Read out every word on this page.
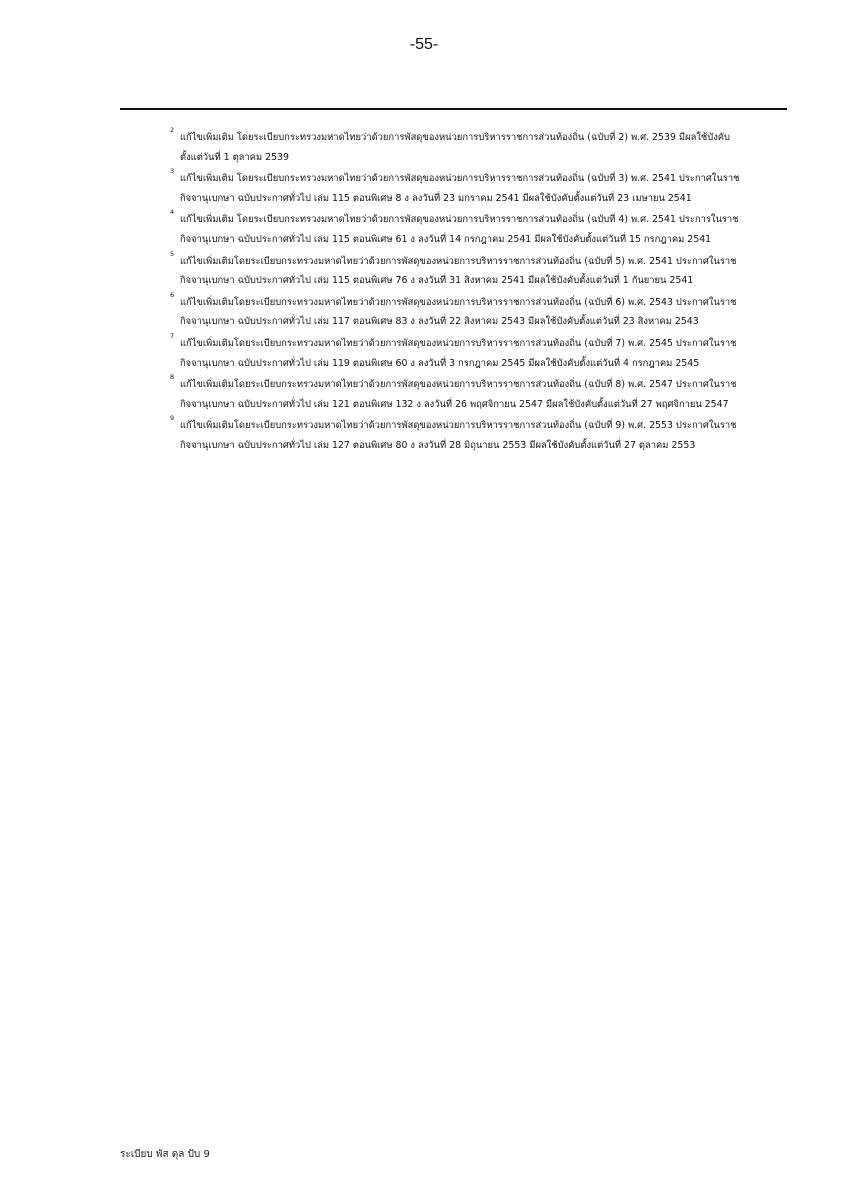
-55-
2
แก้ไขเพิ่มเติม โดยระเบียบกระทรวงมหาดไทยว่าด้วยการพัสดุของหน่วยการบริหารราชการส่วนท้องถิ่น (ฉบับที่ 2) พ.ศ. 2539 มีผลใช้บังคับ
ตั้งแต่วันที่ 1 ตุลาคม 2539
3
แก้ไขเพิ่มเติม โดยระเบียบกระทรวงมหาดไทยว่าด้วยการพัสดุของหน่วยการบริหารราชการส่วนท้องถิ่น (ฉบับที่ 3) พ.ศ. 2541 ประกาศในราช
กิจจานุเบกษา ฉบับประกาศทั่วไป เล่ม 115 ตอนพิเศษ 8 ง ลงวันที่ 23 มกราคม 2541 มีผลใช้บังคับตั้งแต่วันที่ 23 เมษายน 2541
4
แก้ไขเพิ่มเติม โดยระเบียบกระทรวงมหาดไทยว่าด้วยการพัสดุของหน่วยการบริหารราชการส่วนท้องถิ่น (ฉบับที่ 4) พ.ศ. 2541 ประการในราช
กิจจานุเบกษา ฉบับประกาศทั่วไป เล่ม 115 ตอนพิเศษ 61 ง ลงวันที่ 14 กรกฎาคม 2541 มีผลใช้บังคับตั้งแต่วันที่ 15 กรกฎาคม 2541
5
แก้ไขเพิ่มเติมโดยระเบียบกระทรวงมหาดไทยว่าด้วยการพัสดุของหน่วยการบริหารราชการส่วนท้องถิ่น (ฉบับที่ 5) พ.ศ. 2541 ประกาศในราช
กิจจานุเบกษา ฉบับประกาศทั่วไป เล่ม 115 ตอนพิเศษ 76 ง ลงวันที่ 31 สิงหาคม 2541 มีผลใช้บังคับตั้งแต่วันที่ 1 กันยายน 2541
6
แก้ไขเพิ่มเติมโดยระเบียบกระทรวงมหาดไทยว่าด้วยการพัสดุของหน่วยการบริหารราชการส่วนท้องถิ่น (ฉบับที่ 6) พ.ศ. 2543 ประกาศในราช
กิจจานุเบกษา ฉบับประกาศทั่วไป เล่ม 117 ตอนพิเศษ 83 ง ลงวันที่ 22 สิงหาคม 2543 มีผลใช้บังคับตั้งแต่วันที่ 23 สิงหาคม 2543
7
แก้ไขเพิ่มเติมโดยระเบียบกระทรวงมหาดไทยว่าด้วยการพัสดุของหน่วยการบริหารราชการส่วนท้องถิ่น (ฉบับที่ 7) พ.ศ. 2545 ประกาศในราช
กิจจานุเบกษา ฉบับประกาศทั่วไป เล่ม 119 ตอนพิเศษ 60 ง ลงวันที่ 3 กรกฎาคม 2545 มีผลใช้บังคับตั้งแต่วันที่ 4 กรกฎาคม 2545
8
แก้ไขเพิ่มเติมโดยระเบียบกระทรวงมหาดไทยว่าด้วยการพัสดุของหน่วยการบริหารราชการส่วนท้องถิ่น (ฉบับที่ 8) พ.ศ. 2547 ประกาศในราช
กิจจานุเบกษา ฉบับประกาศทั่วไป เล่ม 121 ตอนพิเศษ 132 ง ลงวันที่ 26 พฤศจิกายน 2547 มีผลใช้บังคับตั้งแต่วันที่ 27 พฤศจิกายน 2547
9
แก้ไขเพิ่มเติมโดยระเบียบกระทรวงมหาดไทยว่าด้วยการพัสดุของหน่วยการบริหารราชการส่วนท้องถิ่น (ฉบับที่ 9) พ.ศ. 2553 ประกาศในราช
กิจจานุเบกษา ฉบับประกาศทั่วไป เล่ม 127 ตอนพิเศษ 80 ง ลงวันที่ 28 มิถุนายน 2553 มีผลใช้บังคับตั้งแต่วันที่ 27 ตุลาคม 2553
ระเบียบ พัส ดุล ปับ 9
